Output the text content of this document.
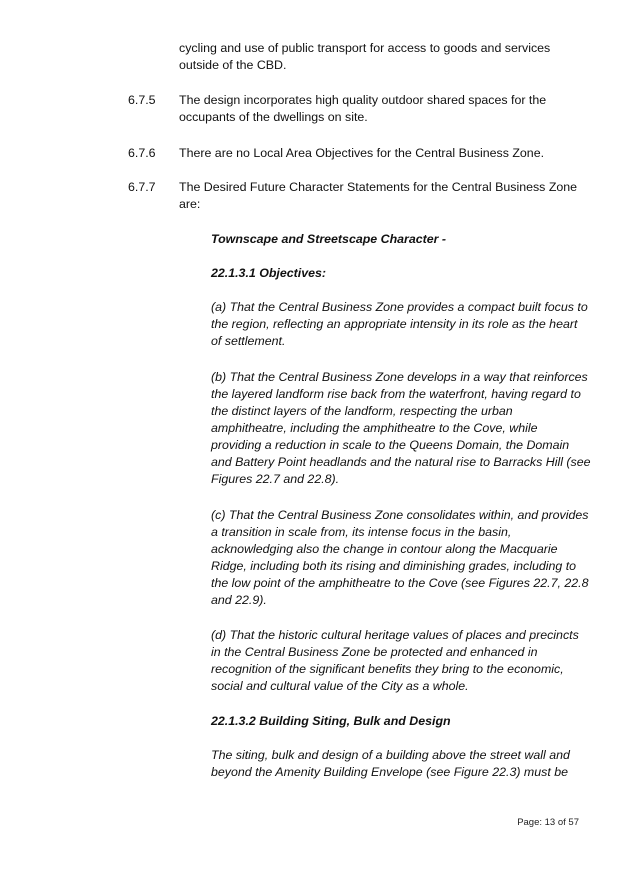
cycling and use of public transport for access to goods and services outside of the CBD.

6.7.5 The design incorporates high quality outdoor shared spaces for the occupants of the dwellings on site.

6.7.6 There are no Local Area Objectives for the Central Business Zone.

6.7.7 The Desired Future Character Statements for the Central Business Zone are:

Townscape and Streetscape Character -

22.1.3.1 Objectives:

(a) That the Central Business Zone provides a compact built focus to the region, reflecting an appropriate intensity in its role as the heart of settlement.

(b) That the Central Business Zone develops in a way that reinforces the layered landform rise back from the waterfront, having regard to the distinct layers of the landform, respecting the urban amphitheatre, including the amphitheatre to the Cove, while providing a reduction in scale to the Queens Domain, the Domain and Battery Point headlands and the natural rise to Barracks Hill (see Figures 22.7 and 22.8).

(c) That the Central Business Zone consolidates within, and provides a transition in scale from, its intense focus in the basin, acknowledging also the change in contour along the Macquarie Ridge, including both its rising and diminishing grades, including to the low point of the amphitheatre to the Cove (see Figures 22.7, 22.8 and 22.9).

(d) That the historic cultural heritage values of places and precincts in the Central Business Zone be protected and enhanced in recognition of the significant benefits they bring to the economic, social and cultural value of the City as a whole.

22.1.3.2 Building Siting, Bulk and Design

The siting, bulk and design of a building above the street wall and beyond the Amenity Building Envelope (see Figure 22.3) must be

Page: 13 of 57
